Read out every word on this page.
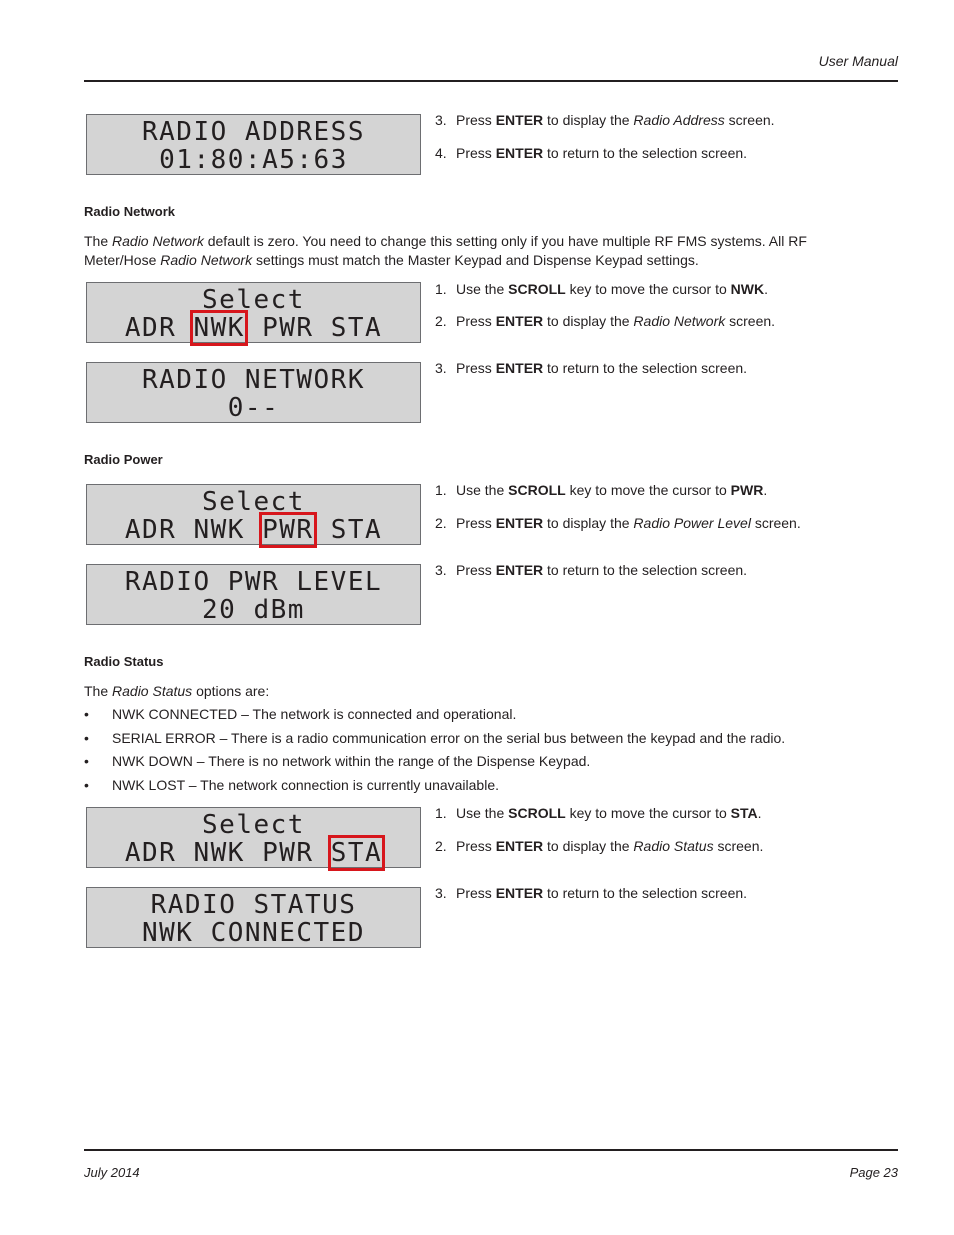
User Manual
RADIO ADDRESS
01:80:A5:63
3. Press ENTER to display the Radio Address screen.
4. Press ENTER to return to the selection screen.
Radio Network
The Radio Network default is zero. You need to change this setting only if you have multiple RF FMS systems. All RF Meter/Hose Radio Network settings must match the Master Keypad and Dispense Keypad settings.
Select
ADR NWK PWR STA
RADIO NETWORK
0--
1. Use the SCROLL key to move the cursor to NWK.
2. Press ENTER to display the Radio Network screen.
3. Press ENTER to return to the selection screen.
Radio Power
Select
ADR NWK PWR STA
RADIO PWR LEVEL
20 dBm
1. Use the SCROLL key to move the cursor to PWR.
2. Press ENTER to display the Radio Power Level screen.
3. Press ENTER to return to the selection screen.
Radio Status
The Radio Status options are:
• NWK CONNECTED – The network is connected and operational.
• SERIAL ERROR – There is a radio communication error on the serial bus between the keypad and the radio.
• NWK DOWN – There is no network within the range of the Dispense Keypad.
• NWK LOST – The network connection is currently unavailable.
Select
ADR NWK PWR STA
RADIO STATUS
NWK CONNECTED
1. Use the SCROLL key to move the cursor to STA.
2. Press ENTER to display the Radio Status screen.
3. Press ENTER to return to the selection screen.
July 2014	Page 23
